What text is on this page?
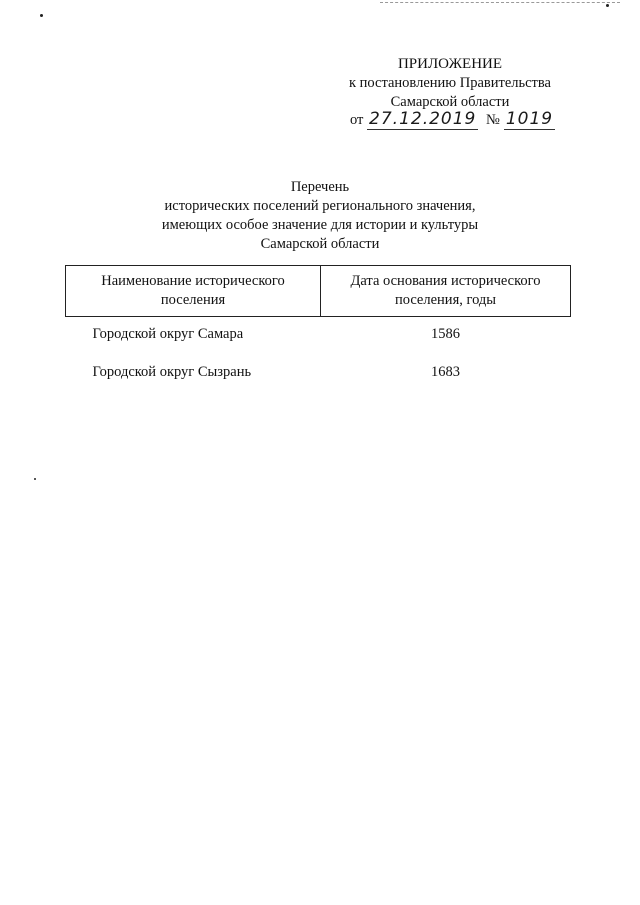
ПРИЛОЖЕНИЕ
к постановлению Правительства
Самарской области
от 27.12.2019 № 1019
Перечень
исторических поселений регионального значения,
имеющих особое значение для истории и культуры
Самарской области
Наименование исторического поселения	Дата основания исторического поселения, годы
Городской округ Самара	1586
Городской округ Сызрань	1683
